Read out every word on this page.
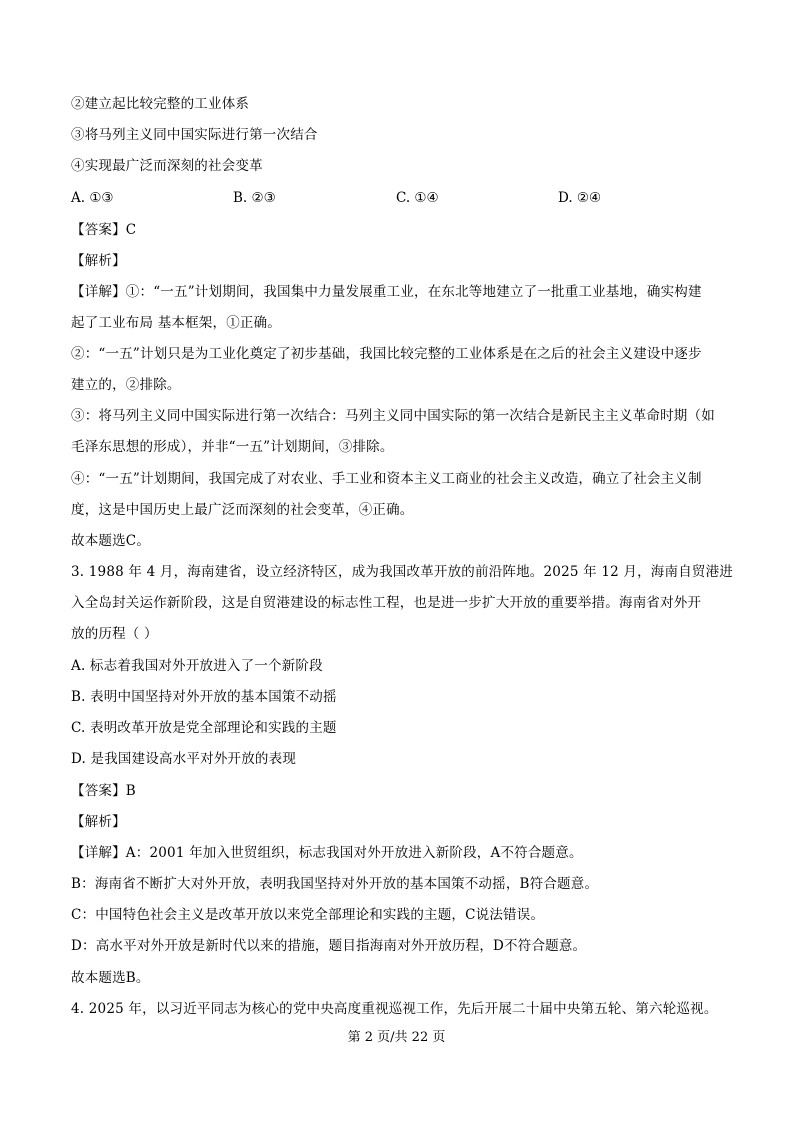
②建立起比较完整的工业体系
③将马列主义同中国实际进行第一次结合
④实现最广泛而深刻的社会变革
A. ①③	B. ②③	C. ①④	D. ②④
【答案】C
【解析】
【详解】①：“一五”计划期间，我国集中力量发展重工业，在东北等地建立了一批重工业基地，确实构建
起了工业布局 基本框架，①正确。
②：“一五”计划只是为工业化奠定了初步基础，我国比较完整的工业体系是在之后的社会主义建设中逐步
建立的，②排除。
③：将马列主义同中国实际进行第一次结合：马列主义同中国实际的第一次结合是新民主主义革命时期（如
毛泽东思想的形成），并非“一五”计划期间，③排除。
④：“一五”计划期间，我国完成了对农业、手工业和资本主义工商业的社会主义改造，确立了社会主义制
度，这是中国历史上最广泛而深刻的社会变革，④正确。
故本题选C。
3. 1988 年 4 月，海南建省，设立经济特区，成为我国改革开放的前沿阵地。2025 年 12 月，海南自贸港进
入全岛封关运作新阶段，这是自贸港建设的标志性工程，也是进一步扩大开放的重要举措。海南省对外开
放的历程（ ）
A. 标志着我国对外开放进入了一个新阶段
B. 表明中国坚持对外开放的基本国策不动摇
C. 表明改革开放是党全部理论和实践的主题
D. 是我国建设高水平对外开放的表现
【答案】B
【解析】
【详解】A：2001 年加入世贸组织，标志我国对外开放进入新阶段，A不符合题意。
B：海南省不断扩大对外开放，表明我国坚持对外开放的基本国策不动摇，B符合题意。
C：中国特色社会主义是改革开放以来党全部理论和实践的主题，C说法错误。
D：高水平对外开放是新时代以来的措施，题目指海南对外开放历程，D不符合题意。
故本题选B。
4. 2025 年，以习近平同志为核心的党中央高度重视巡视工作，先后开展二十届中央第五轮、第六轮巡视。
第 2 页/共 22 页
